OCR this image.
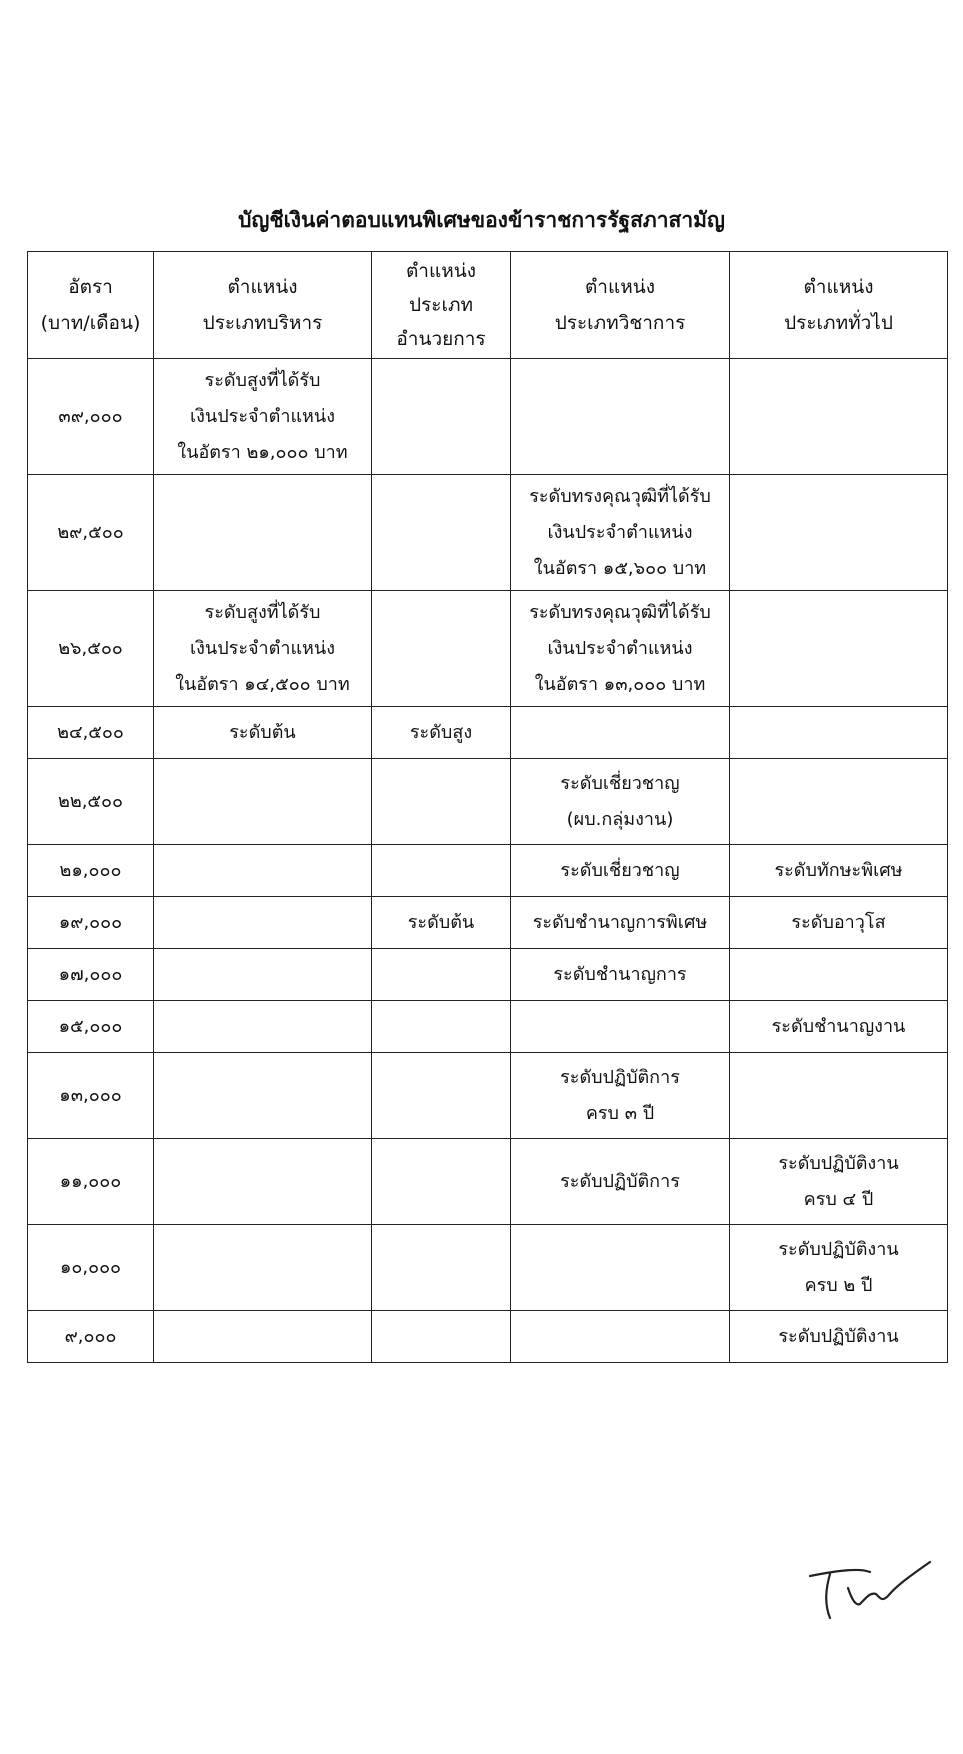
บัญชีเงินค่าตอบแทนพิเศษของข้าราชการรัฐสภาสามัญ
อัตรา
(บาท/เดือน)	ตำแหน่ง
ประเภทบริหาร	ตำแหน่ง
ประเภท
อำนวยการ	ตำแหน่ง
ประเภทวิชาการ	ตำแหน่ง
ประเภททั่วไป

๓๙,๐๐๐	ระดับสูงที่ได้รับ
เงินประจำตำแหน่ง
ในอัตรา ๒๑,๐๐๐ บาท			

๒๙,๕๐๐			ระดับทรงคุณวุฒิที่ได้รับ
เงินประจำตำแหน่ง
ในอัตรา ๑๕,๖๐๐ บาท	

๒๖,๕๐๐	ระดับสูงที่ได้รับ
เงินประจำตำแหน่ง
ในอัตรา ๑๔,๕๐๐ บาท		ระดับทรงคุณวุฒิที่ได้รับ
เงินประจำตำแหน่ง
ในอัตรา ๑๓,๐๐๐ บาท	

๒๔,๕๐๐	ระดับต้น	ระดับสูง		

๒๒,๕๐๐			ระดับเชี่ยวชาญ
(ผบ.กลุ่มงาน)	

๒๑,๐๐๐			ระดับเชี่ยวชาญ	ระดับทักษะพิเศษ

๑๙,๐๐๐		ระดับต้น	ระดับชำนาญการพิเศษ	ระดับอาวุโส

๑๗,๐๐๐			ระดับชำนาญการ	

๑๕,๐๐๐				ระดับชำนาญงาน

๑๓,๐๐๐			ระดับปฏิบัติการ
ครบ ๓ ปี	

๑๑,๐๐๐			ระดับปฏิบัติการ	ระดับปฏิบัติงาน
ครบ ๔ ปี

๑๐,๐๐๐				ระดับปฏิบัติงาน
ครบ ๒ ปี

๙,๐๐๐				ระดับปฏิบัติงาน
